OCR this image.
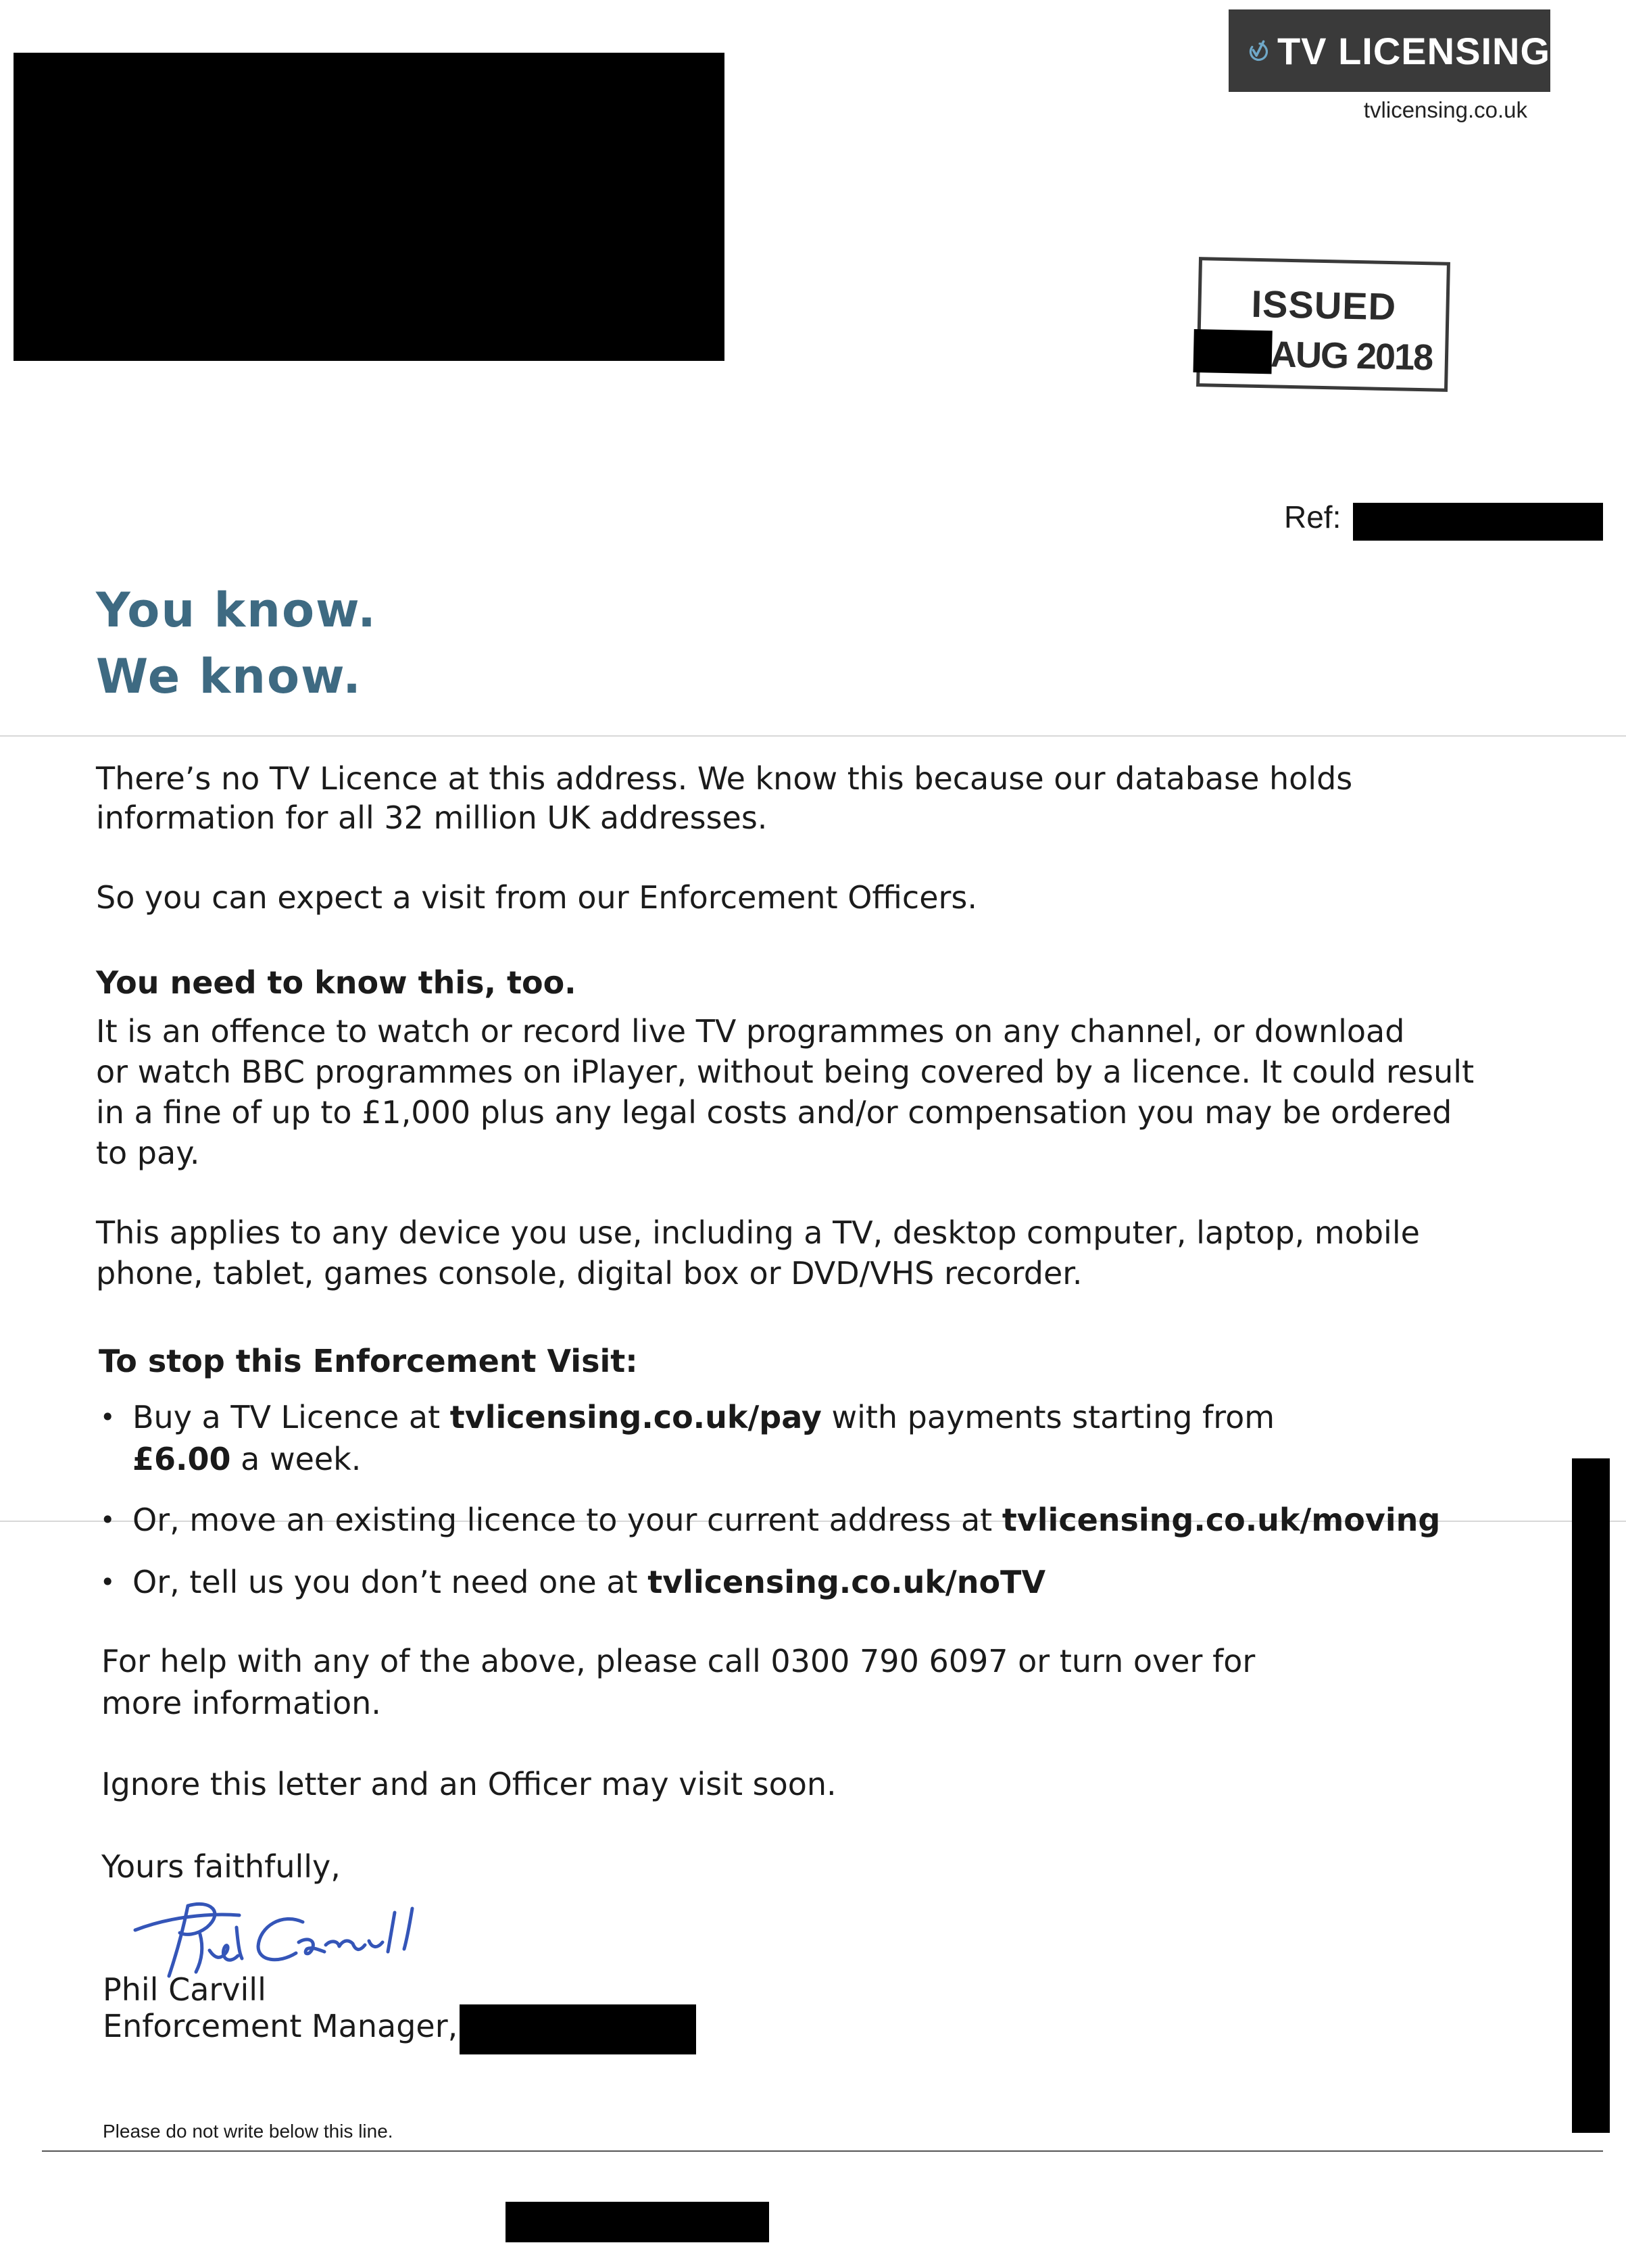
TV LICENSING
tvlicensing.co.uk
ISSUED
AUG 2018
Ref:
You know.
We know.
There’s no TV Licence at this address. We know this because our database holds
information for all 32 million UK addresses.
So you can expect a visit from our Enforcement Officers.
You need to know this, too.
It is an offence to watch or record live TV programmes on any channel, or download
or watch BBC programmes on iPlayer, without being covered by a licence. It could result
in a fine of up to £1,000 plus any legal costs and/or compensation you may be ordered
to pay.
This applies to any device you use, including a TV, desktop computer, laptop, mobile
phone, tablet, games console, digital box or DVD/VHS recorder.
To stop this Enforcement Visit:
• Buy a TV Licence at tvlicensing.co.uk/pay with payments starting from
£6.00 a week.
• Or, move an existing licence to your current address at tvlicensing.co.uk/moving
• Or, tell us you don’t need one at tvlicensing.co.uk/noTV
For help with any of the above, please call 0300 790 6097 or turn over for
more information.
Ignore this letter and an Officer may visit soon.
Yours faithfully,
Phil Carvill
Enforcement Manager,
Please do not write below this line.
